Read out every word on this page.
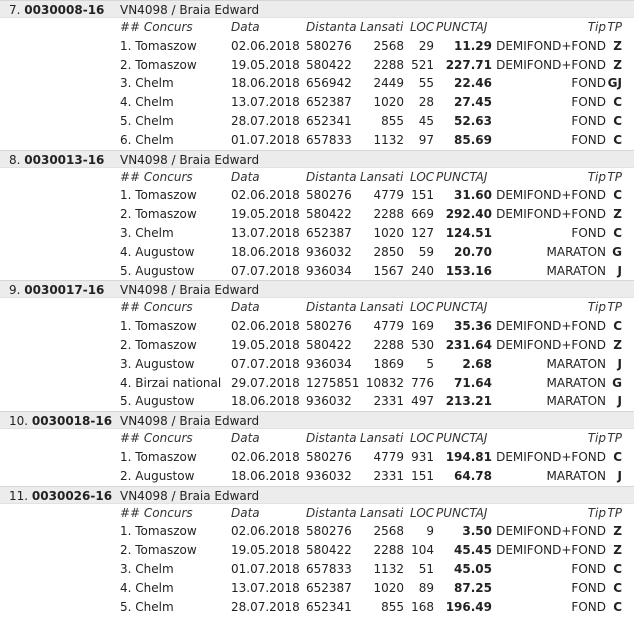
7. 0030008-16 VN4098 / Braia Edward
## Concurs	Data	Distanta Lansati LOC PUNCTAJ	Tip TP
1. Tomaszow	02.06.2018 580276 2568 29 11.29 DEMIFOND+FOND Z
2. Tomaszow	19.05.2018 580422 2288 521 227.71 DEMIFOND+FOND Z
3. Chelm	18.06.2018 656942 2449 55 22.46	FOND GJ
4. Chelm	13.07.2018 652387 1020 28 27.45	FOND C
5. Chelm	28.07.2018 652341 855 45 52.63	FOND C
6. Chelm	01.07.2018 657833 1132 97 85.69	FOND C
8. 0030013-16 VN4098 / Braia Edward
## Concurs	Data	Distanta Lansati LOC PUNCTAJ	Tip TP
1. Tomaszow	02.06.2018 580276 4779 151 31.60 DEMIFOND+FOND C
2. Tomaszow	19.05.2018 580422 2288 669 292.40 DEMIFOND+FOND Z
3. Chelm	13.07.2018 652387 1020 127 124.51	FOND C
4. Augustow	18.06.2018 936032 2850 59 20.70	MARATON G
5. Augustow	07.07.2018 936034 1567 240 153.16	MARATON J
9. 0030017-16 VN4098 / Braia Edward
## Concurs	Data	Distanta Lansati LOC PUNCTAJ	Tip TP
1. Tomaszow	02.06.2018 580276 4779 169 35.36 DEMIFOND+FOND C
2. Tomaszow	19.05.2018 580422 2288 530 231.64 DEMIFOND+FOND Z
3. Augustow	07.07.2018 936034 1869 5 2.68	MARATON J
4. Birzai national 29.07.2018 1275851 10832 776 71.64	MARATON G
5. Augustow	18.06.2018 936032 2331 497 213.21	MARATON J
10. 0030018-16 VN4098 / Braia Edward
## Concurs	Data	Distanta Lansati LOC PUNCTAJ	Tip TP
1. Tomaszow	02.06.2018 580276 4779 931 194.81 DEMIFOND+FOND C
2. Augustow	18.06.2018 936032 2331 151 64.78	MARATON J
11. 0030026-16 VN4098 / Braia Edward
## Concurs	Data	Distanta Lansati LOC PUNCTAJ	Tip TP
1. Tomaszow	02.06.2018 580276 2568 9 3.50 DEMIFOND+FOND Z
2. Tomaszow	19.05.2018 580422 2288 104 45.45 DEMIFOND+FOND Z
3. Chelm	01.07.2018 657833 1132 51 45.05	FOND C
4. Chelm	13.07.2018 652387 1020 89 87.25	FOND C
5. Chelm	28.07.2018 652341 855 168 196.49	FOND C
